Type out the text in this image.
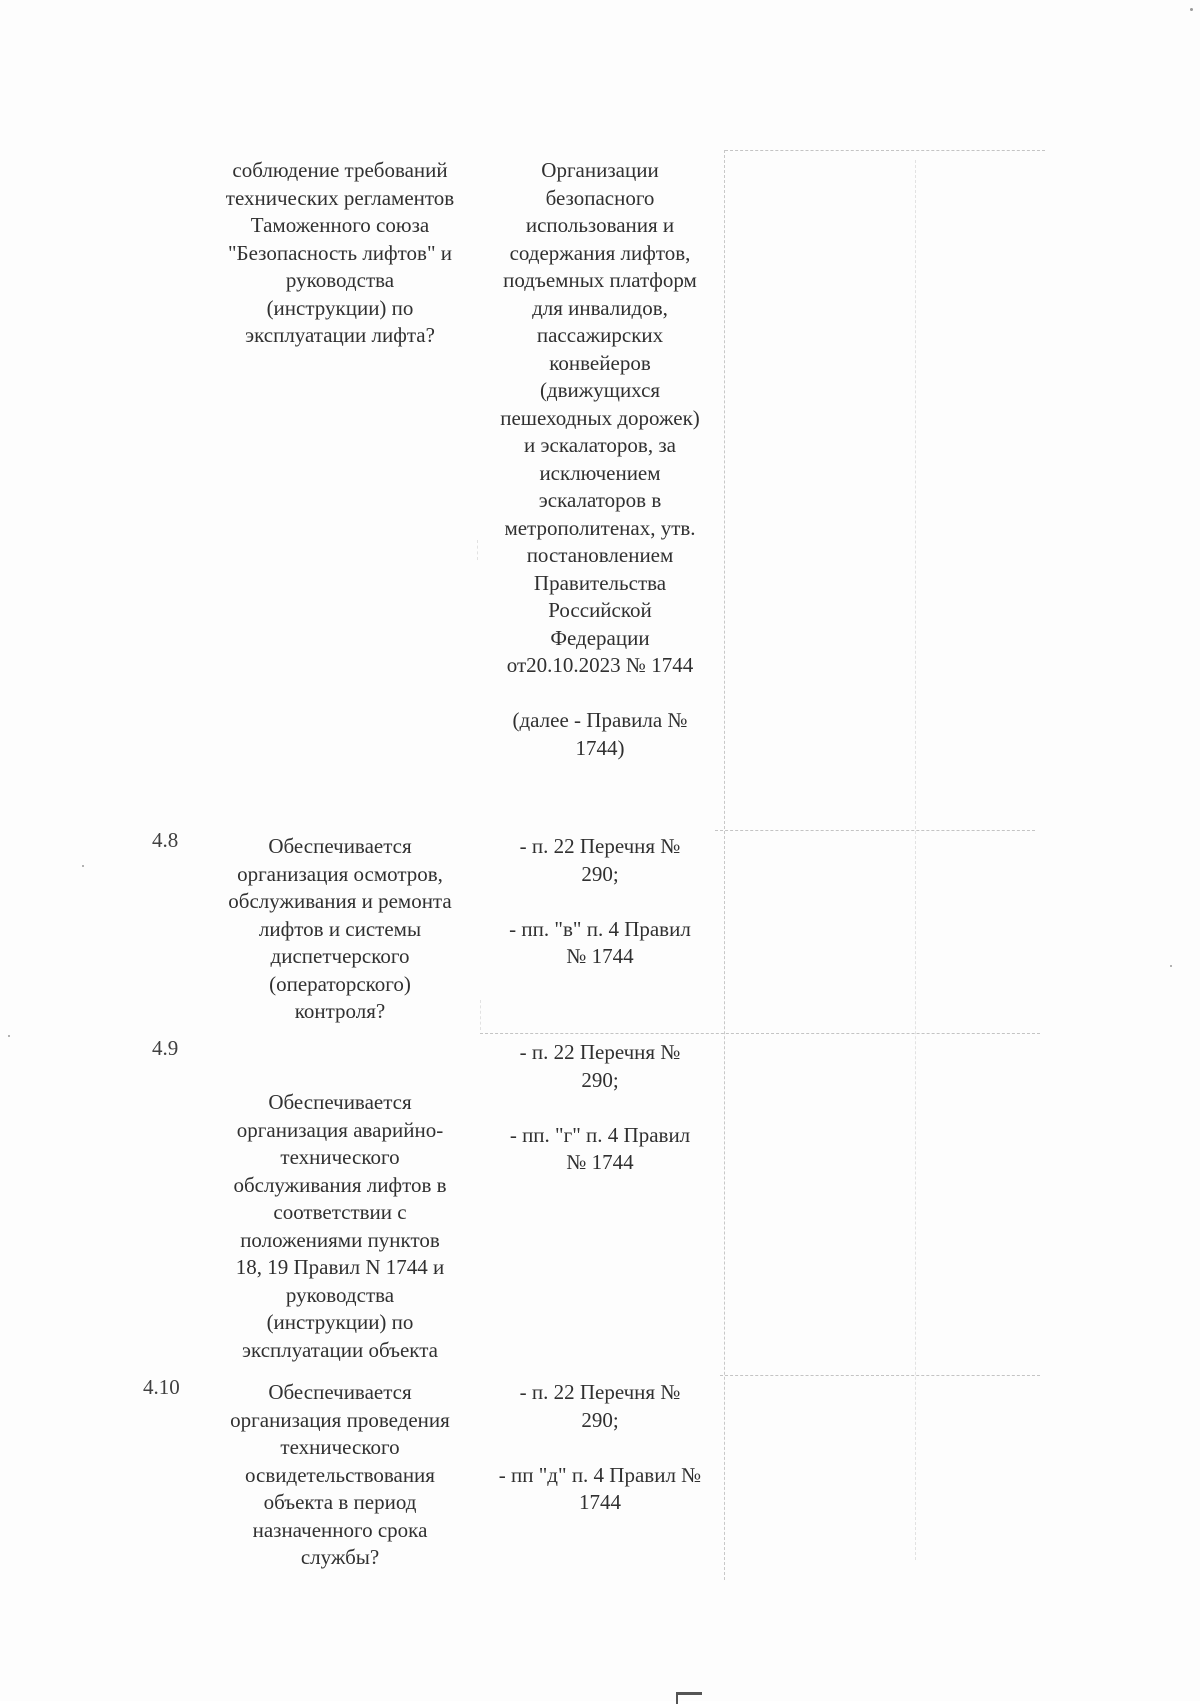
соблюдение требований
технических регламентов
Таможенного союза
"Безопасность лифтов" и
руководства
(инструкции) по
эксплуатации лифта?
Организации
безопасного
использования и
содержания лифтов,
подъемных платформ
для инвалидов,
пассажирских
конвейеров
(движущихся
пешеходных дорожек)
и эскалаторов, за
исключением
эскалаторов в
метрополитенах, утв.
постановлением
Правительства
Российской
Федерации
от20.10.2023 № 1744

(далее - Правила №
1744)
4.8	Обеспечивается
организация осмотров,
обслуживания и ремонта
лифтов и системы
диспетчерского
(операторского)
контроля?
- п. 22 Перечня №
290;

- пп. "в" п. 4 Правил
№ 1744
4.9
Обеспечивается
организация аварийно-
технического
обслуживания лифтов в
соответствии с
положениями пунктов
18, 19 Правил N 1744 и
руководства
(инструкции) по
эксплуатации объекта
- п. 22 Перечня №
290;

- пп. "г" п. 4 Правил
№ 1744
4.10	Обеспечивается
организация проведения
технического
освидетельствования
объекта в период
назначенного срока
службы?
- п. 22 Перечня №
290;

- пп "д" п. 4 Правил №
1744
